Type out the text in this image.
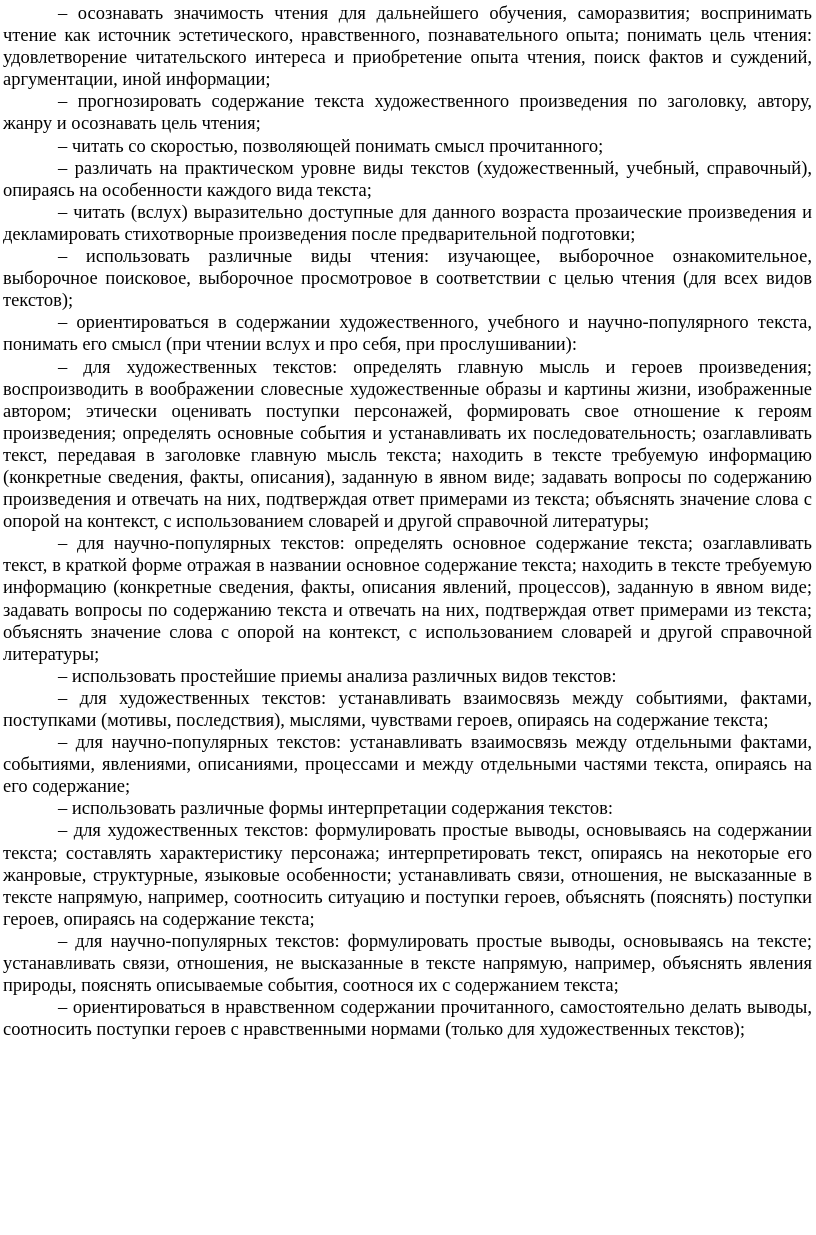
– осознавать значимость чтения для дальнейшего обучения, саморазвития; воспринимать чтение как источник эстетического, нравственного, познавательного опыта; понимать цель чтения: удовлетворение читательского интереса и приобретение опыта чтения, поиск фактов и суждений, аргументации, иной информации;

– прогнозировать содержание текста художественного произведения по заголовку, автору, жанру и осознавать цель чтения;

– читать со скоростью, позволяющей понимать смысл прочитанного;

– различать на практическом уровне виды текстов (художественный, учебный, справочный), опираясь на особенности каждого вида текста;

– читать (вслух) выразительно доступные для данного возраста прозаические произведения и декламировать стихотворные произведения после предварительной подготовки;

– использовать различные виды чтения: изучающее, выборочное ознакомительное, выборочное поисковое, выборочное просмотровое в соответствии с целью чтения (для всех видов текстов);

– ориентироваться в содержании художественного, учебного и научно-популярного текста, понимать его смысл (при чтении вслух и про себя, при прослушивании):

– для художественных текстов: определять главную мысль и героев произведения; воспроизводить в воображении словесные художественные образы и картины жизни, изображенные автором; этически оценивать поступки персонажей, формировать свое отношение к героям произведения; определять основные события и устанавливать их последовательность; озаглавливать текст, передавая в заголовке главную мысль текста; находить в тексте требуемую информацию (конкретные сведения, факты, описания), заданную в явном виде; задавать вопросы по содержанию произведения и отвечать на них, подтверждая ответ примерами из текста; объяснять значение слова с опорой на контекст, с использованием словарей и другой справочной литературы;

– для научно-популярных текстов: определять основное содержание текста; озаглавливать текст, в краткой форме отражая в названии основное содержание текста; находить в тексте требуемую информацию (конкретные сведения, факты, описания явлений, процессов), заданную в явном виде; задавать вопросы по содержанию текста и отвечать на них, подтверждая ответ примерами из текста; объяснять значение слова с опорой на контекст, с использованием словарей и другой справочной литературы;

– использовать простейшие приемы анализа различных видов текстов:

– для художественных текстов: устанавливать взаимосвязь между событиями, фактами, поступками (мотивы, последствия), мыслями, чувствами героев, опираясь на содержание текста;

– для научно-популярных текстов: устанавливать взаимосвязь между отдельными фактами, событиями, явлениями, описаниями, процессами и между отдельными частями текста, опираясь на его содержание;

– использовать различные формы интерпретации содержания текстов:

– для художественных текстов: формулировать простые выводы, основываясь на содержании текста; составлять характеристику персонажа; интерпретировать текст, опираясь на некоторые его жанровые, структурные, языковые особенности; устанавливать связи, отношения, не высказанные в тексте напрямую, например, соотносить ситуацию и поступки героев, объяснять (пояснять) поступки героев, опираясь на содержание текста;

– для научно-популярных текстов: формулировать простые выводы, основываясь на тексте; устанавливать связи, отношения, не высказанные в тексте напрямую, например, объяснять явления природы, пояснять описываемые события, соотнося их с содержанием текста;

– ориентироваться в нравственном содержании прочитанного, самостоятельно делать выводы, соотносить поступки героев с нравственными нормами (только для художественных текстов);
